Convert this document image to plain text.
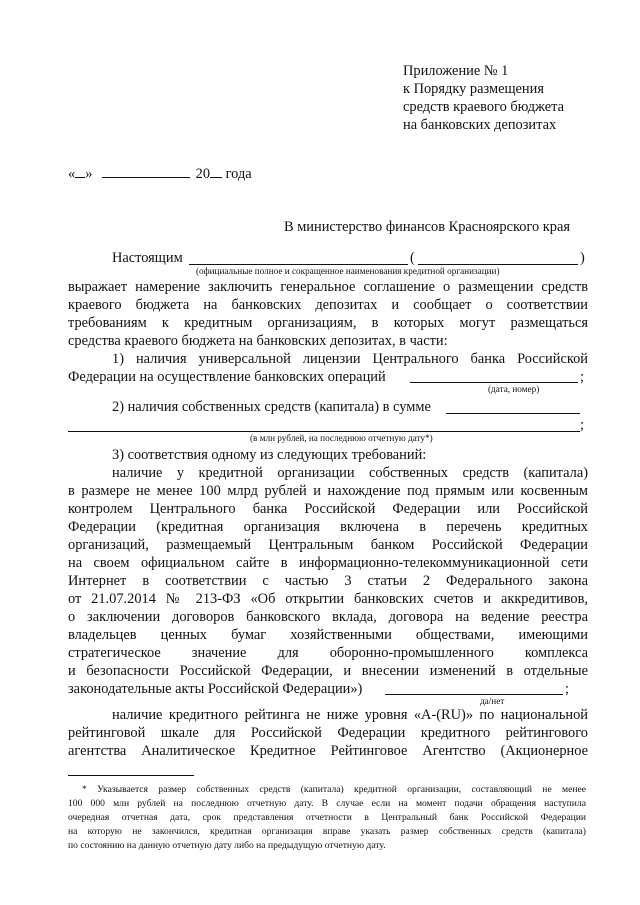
Приложение № 1
к Порядку размещения
средств краевого бюджета
на банковских депозитах
« »	20 года
В министерство финансов Красноярского края
Настоящим	(	)
(официальные полное и сокращенное наименования кредитной организации)
выражает намерение заключить генеральное соглашение о размещении средств
краевого бюджета на банковских депозитах и сообщает о соответствии
требованиям к кредитным организациям, в которых могут размещаться
средства краевого бюджета на банковских депозитах, в части:
1) наличия универсальной лицензии Центрального банка Российской
Федерации на осуществление банковских операций	;
(дата, номер)
2) наличия собственных средств (капитала) в сумме
;
(в млн рублей, на последнюю отчетную дату*)
3) соответствия одному из следующих требований:
наличие у кредитной организации собственных средств (капитала)
в размере не менее 100 млрд рублей и нахождение под прямым или косвенным
контролем Центрального банка Российской Федерации или Российской
Федерации (кредитная организация включена в перечень кредитных
организаций, размещаемый Центральным банком Российской Федерации
на своем официальном сайте в информационно-телекоммуникационной сети
Интернет в соответствии с частью 3 статьи 2 Федерального закона
от 21.07.2014 № 213-ФЗ «Об открытии банковских счетов и аккредитивов,
о заключении договоров банковского вклада, договора на ведение реестра
владельцев ценных бумаг хозяйственными обществами, имеющими
стратегическое значение для оборонно-промышленного комплекса
и безопасности Российской Федерации, и внесении изменений в отдельные
законодательные акты Российской Федерации»)	;
да/нет
наличие кредитного рейтинга не ниже уровня «A-(RU)» по национальной
рейтинговой шкале для Российской Федерации кредитного рейтингового
агентства Аналитическое Кредитное Рейтинговое Агентство (Акционерное
* Указывается размер собственных средств (капитала) кредитной организации, составляющий не менее
100 000 млн рублей на последнюю отчетную дату. В случае если на момент подачи обращения наступила
очередная отчетная дата, срок представления отчетности в Центральный банк Российской Федерации
на которую не закончился, кредитная организация вправе указать размер собственных средств (капитала)
по состоянию на данную отчетную дату либо на предыдущую отчетную дату.
